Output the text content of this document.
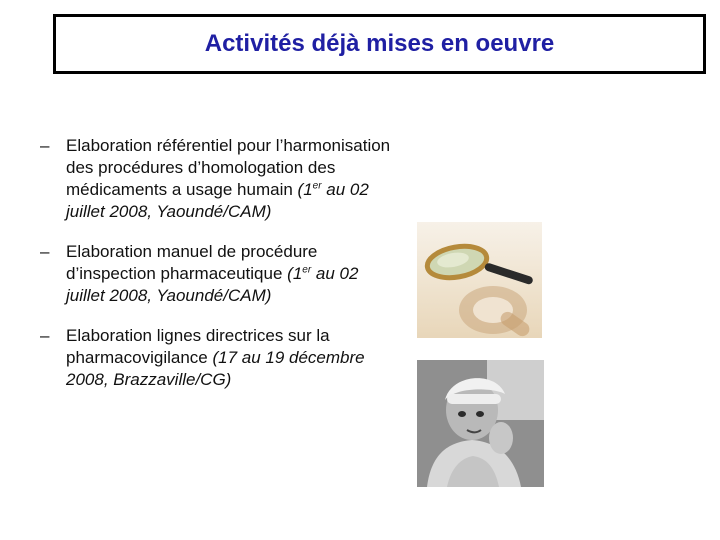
Activités déjà mises en oeuvre
– Elaboration référentiel pour l’harmonisation des procédures d’homologation des médicaments a usage humain (1er au 02 juillet 2008, Yaoundé/CAM)
– Elaboration manuel de procédure d’inspection pharmaceutique (1er au 02 juillet 2008, Yaoundé/CAM)
– Elaboration lignes directrices sur la pharmacovigilance (17 au 19 décembre 2008, Brazzaville/CG)
